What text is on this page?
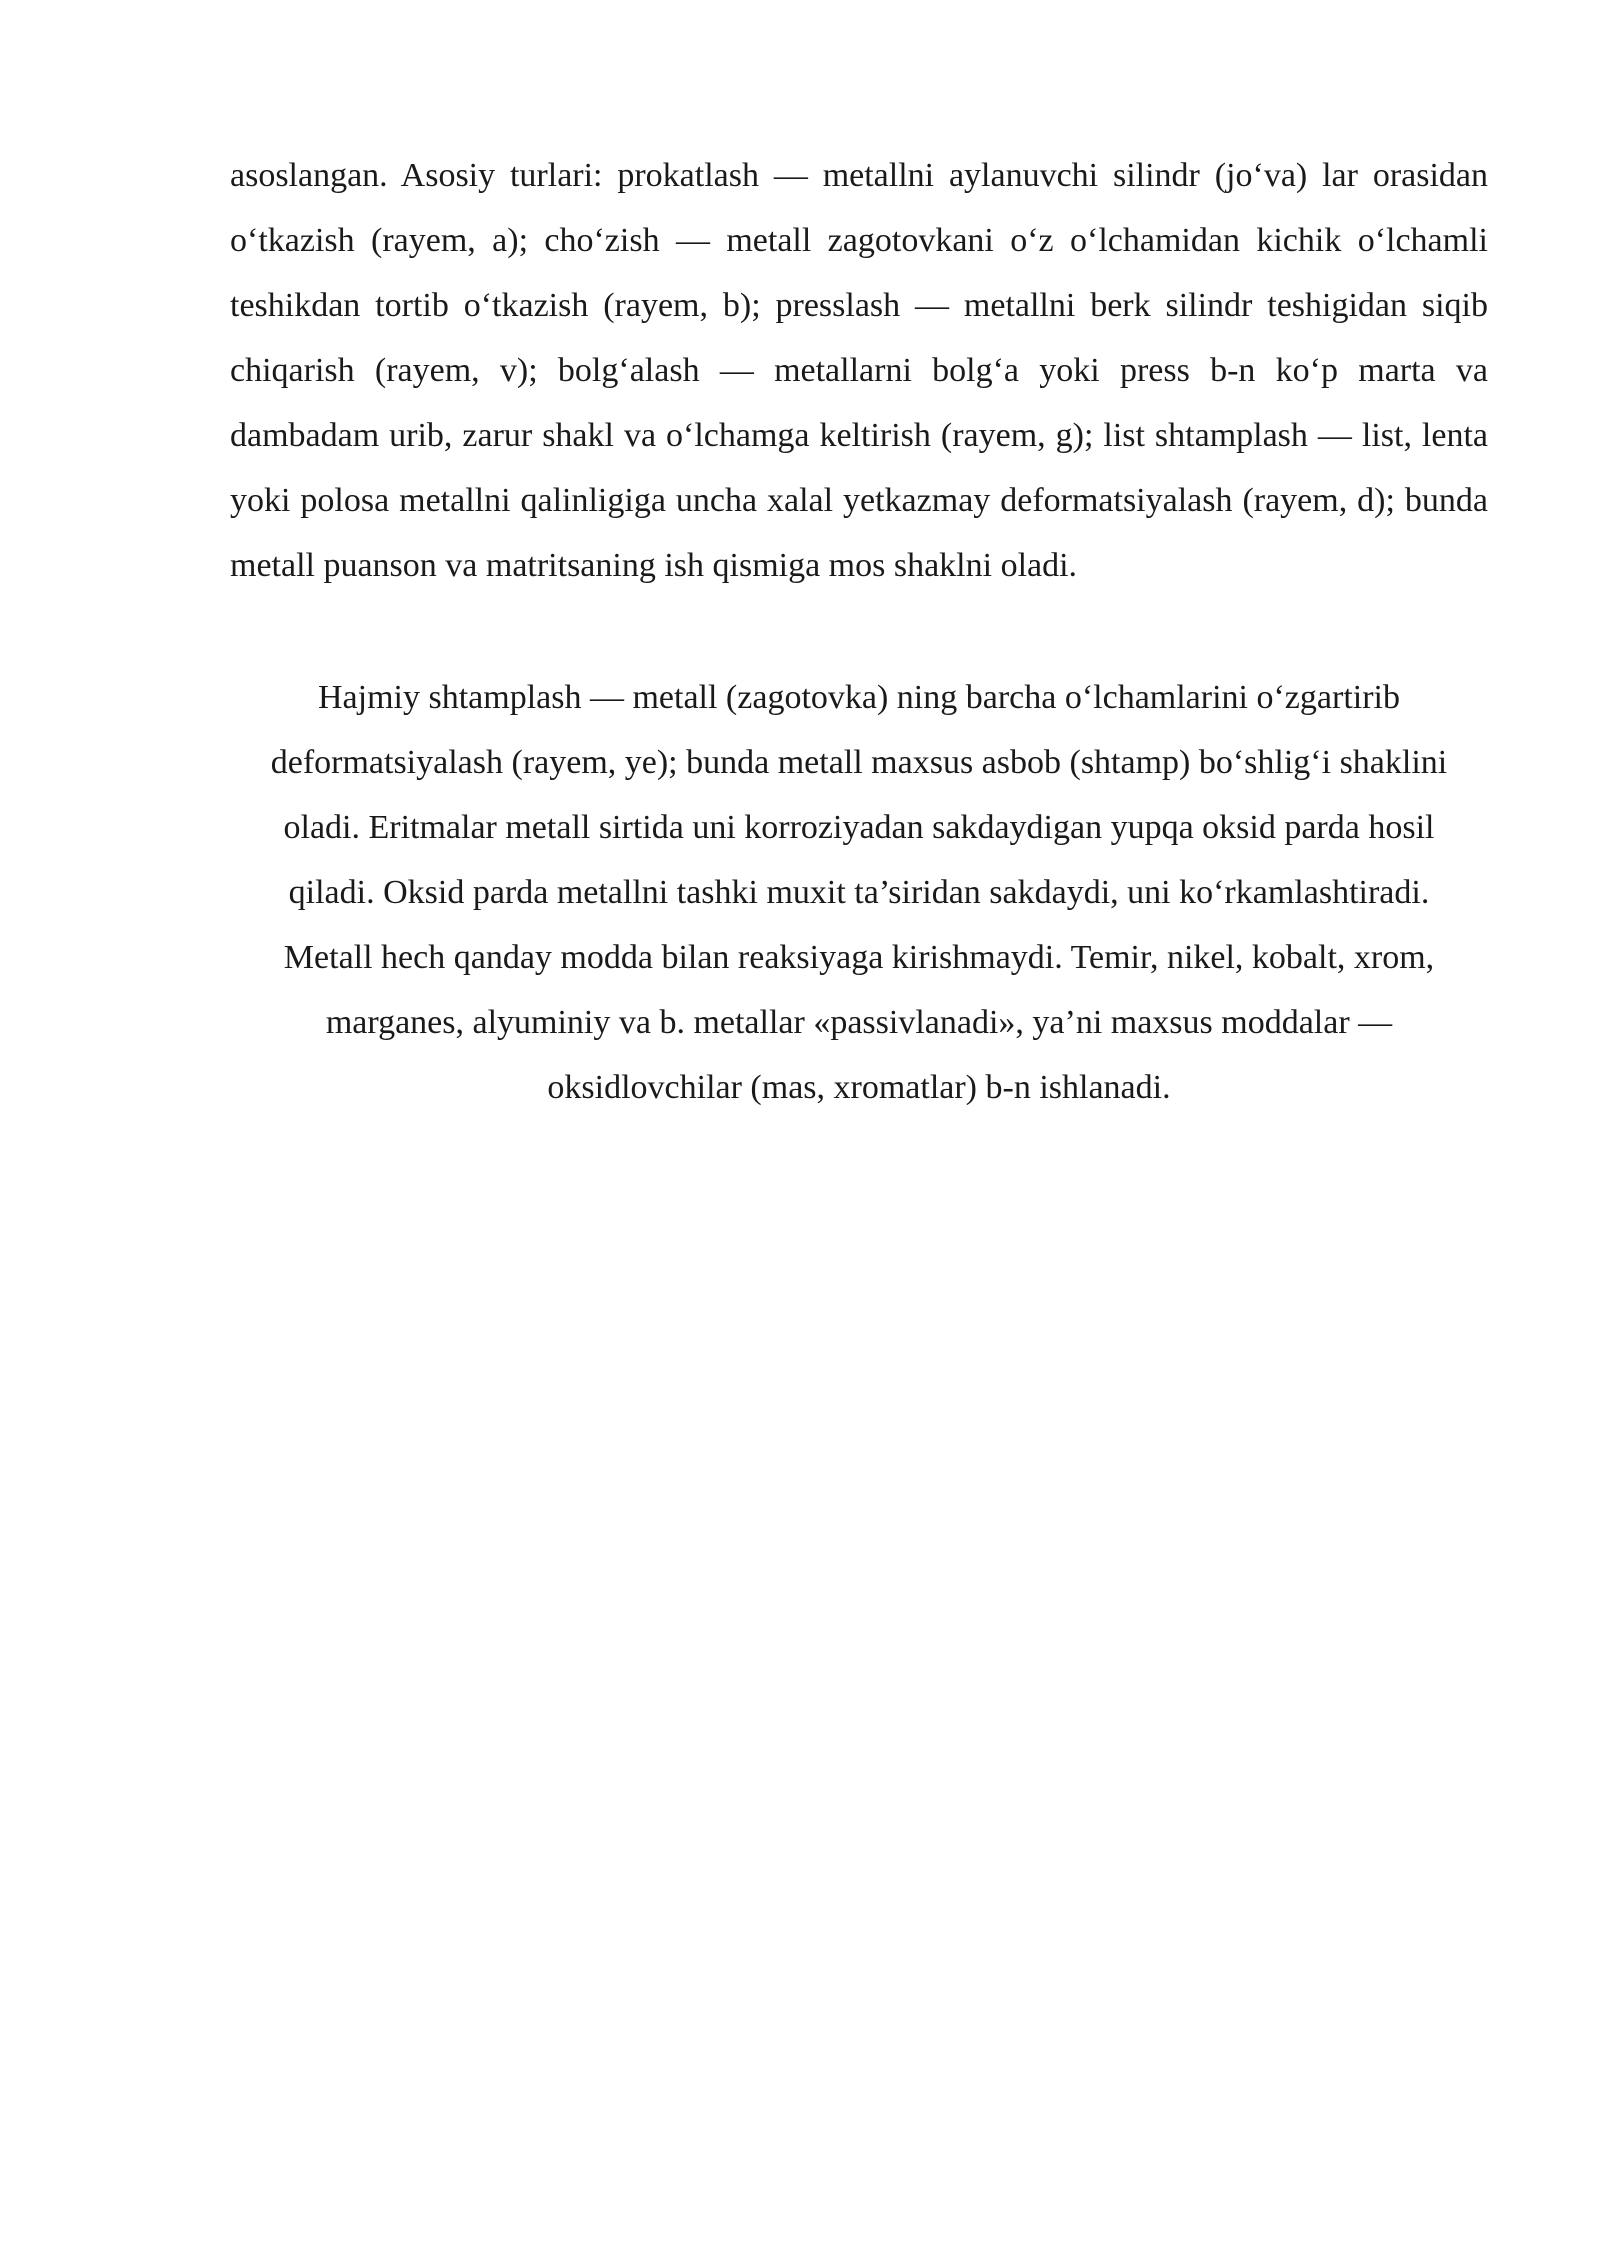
asoslangan. Asosiy turlari: prokatlash — metallni aylanuvchi silindr (jo‘va) lar orasidan o‘tkazish (rayem, a); cho‘zish — metall zagotovkani o‘z o‘lchamidan kichik o‘lchamli teshikdan tortib o‘tkazish (rayem, b); presslash — metallni berk silindr teshigidan siqib chiqarish (rayem, v); bolg‘alash — metallarni bolg‘a yoki press b-n ko‘p marta va dambadam urib, zarur shakl va o‘lchamga keltirish (rayem, g); list shtamplash — list, lenta yoki polosa metallni qalinligiga uncha xalal yetkazmay deformatsiyalash (rayem, d); bunda metall puanson va matritsaning ish qismiga mos shaklni oladi.

Hajmiy shtamplash — metall (zagotovka) ning barcha o‘lchamlarini o‘zgartirib deformatsiyalash (rayem, ye); bunda metall maxsus asbob (shtamp) bo‘shlig‘i shaklini oladi. Eritmalar metall sirtida uni korroziyadan sakdaydigan yupqa oksid parda hosil qiladi. Oksid parda metallni tashki muxit ta’siridan sakdaydi, uni ko‘rkamlashtiradi. Metall hech qanday modda bilan reaksiyaga kirishmaydi. Temir, nikel, kobalt, xrom, marganes, alyuminiy va b. metallar «passivlanadi», ya’ni maxsus moddalar — oksidlovchilar (mas, xromatlar) b-n ishlanadi.
